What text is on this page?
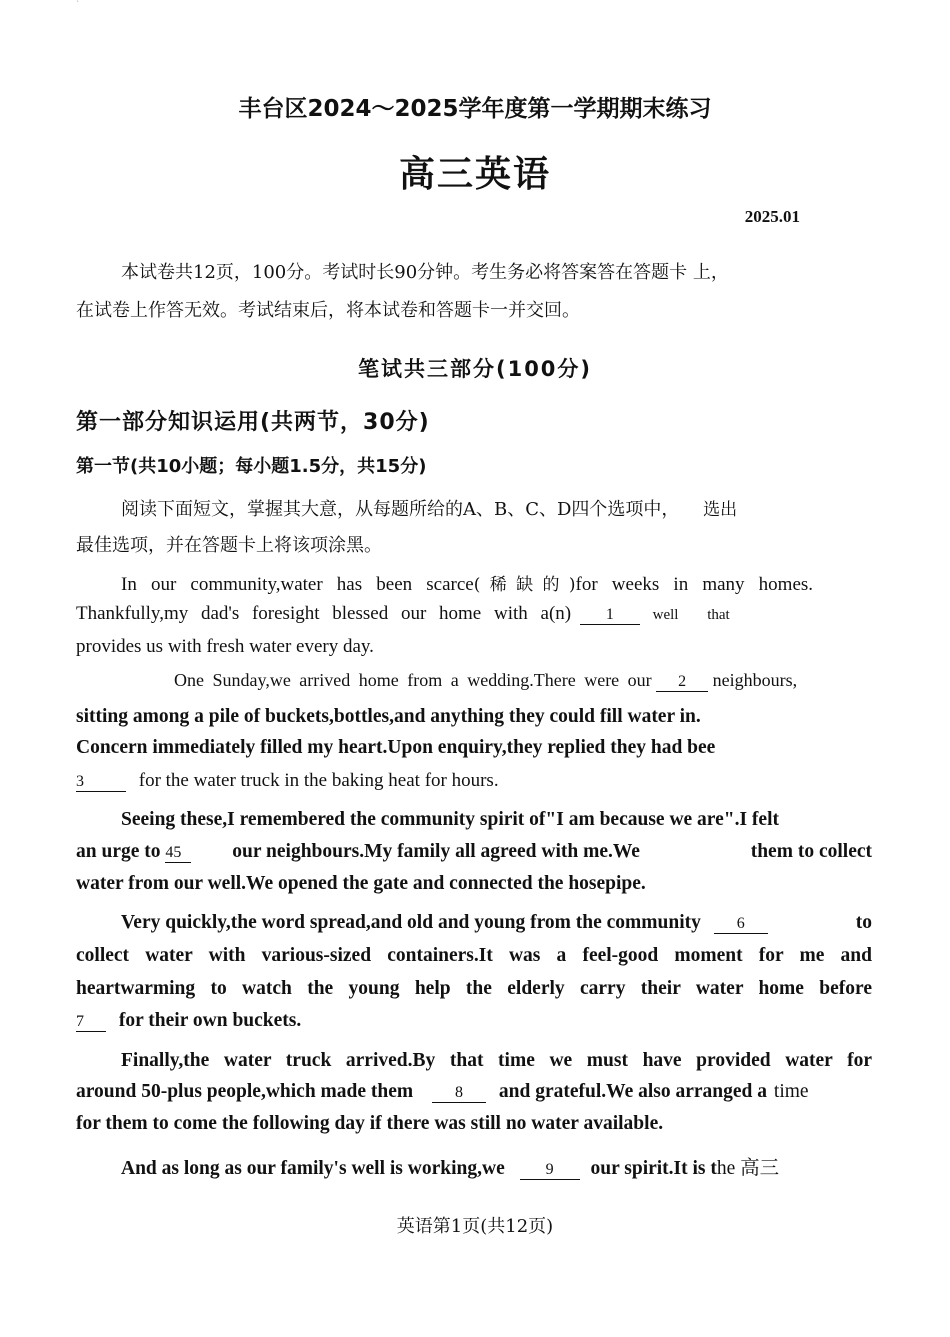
`
丰台区2024～2025学年度第一学期期末练习
高三英语
2025.01
本试卷共12页，100分。考试时长90分钟。考生务必将答案答在答题卡 上，
在试卷上作答无效。考试结束后，将本试卷和答题卡一并交回。
笔试共三部分(100分)
第一部分知识运用(共两节，30分)
第一节(共10小题；每小题1.5分，共15分)
阅读下面短文，掌握其大意，从每题所给的A、B、C、D四个选项中， 选出
最佳选项，并在答题卡上将该项涂黑。
In our community,water has been scarce(稀缺的)for weeks in many homes.
Thankfully,my dad's foresight blessed our home with a(n) 1	well that
provides us with fresh water every day.
One Sunday,we arrived home from a wedding.There were our 2 neighbours,
sitting among a pile of buckets,bottles,and anything they could fill water in.
Concern immediately filled my heart.Upon enquiry,they replied they had bee
3	for the water truck in the baking heat for hours.
Seeing these,I remembered the community spirit of"I am because we are".I felt
an urge to 45	our neighbours.My family all agreed with me.We	them to collect
water from our well.We opened the gate and connected the hosepipe.
Very quickly,the word spread,and old and young from the community 6	to
collect water with various-sized containers.It was a feel-good moment for me and
heartwarming to watch the young help the elderly carry their water home before
7 for their own buckets.
Finally,the water truck arrived.By that time we must have provided water for
around 50-plus people,which made them	8 and grateful.We also arranged a time
for them to come the following day if there was still no water available.
And as long as our family's well is working,we	9 our spirit.It is the 高三
英语第1页(共12页)
